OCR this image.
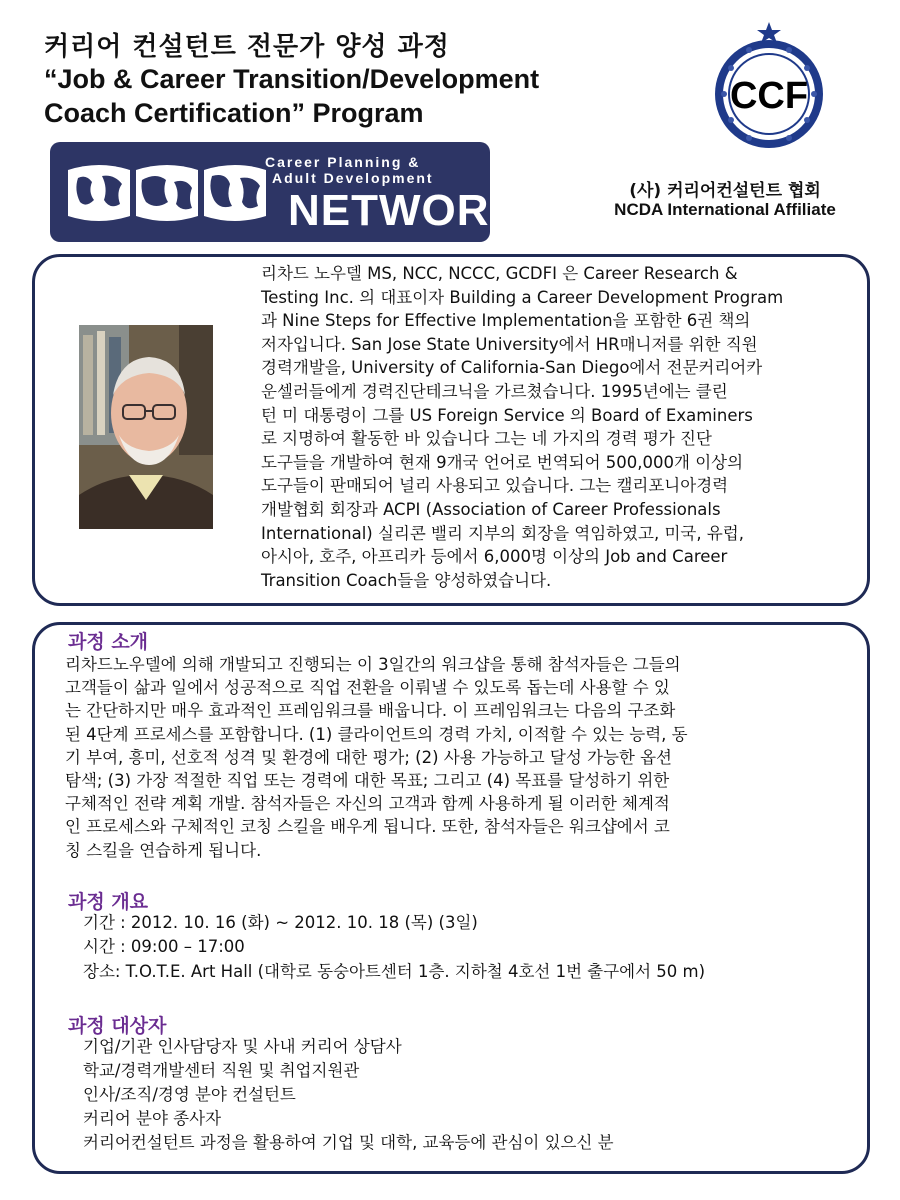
커리어 컨설턴트 전문가 양성 과정
“Job & Career Transition/Development
Coach Certification” Program	CCF
Career Planning &
Adult Development
NETWORK	(사) 커리어컨설턴트 협회
NCDA International Affiliate
리차드 노우델 MS, NCC, NCCC, GCDFI 은 Career Research &
Testing Inc. 의 대표이자 Building a Career Development Program
과 Nine Steps for Effective Implementation을 포함한 6권 책의
저자입니다. San Jose State University에서 HR매니저를 위한 직원
경력개발을, University of California-San Diego에서 전문커리어카
운셀러들에게 경력진단테크닉을 가르쳤습니다. 1995년에는 클린
턴 미 대통령이 그를 US Foreign Service 의 Board of Examiners
로 지명하여 활동한 바 있습니다 그는 네 가지의 경력 평가 진단
도구들을 개발하여 현재 9개국 언어로 번역되어 500,000개 이상의
도구들이 판매되어 널리 사용되고 있습니다. 그는 캘리포니아경력
개발협회 회장과 ACPI (Association of Career Professionals
International) 실리콘 밸리 지부의 회장을 역임하였고, 미국, 유럽,
아시아, 호주, 아프리카 등에서 6,000명 이상의 Job and Career
Transition Coach들을 양성하였습니다.
과정 소개
리차드노우델에 의해 개발되고 진행되는 이 3일간의 워크샵을 통해 참석자들은 그들의
고객들이 삶과 일에서 성공적으로 직업 전환을 이뤄낼 수 있도록 돕는데 사용할 수 있
는 간단하지만 매우 효과적인 프레임워크를 배웁니다. 이 프레임워크는 다음의 구조화
된 4단계 프로세스를 포함합니다. (1) 클라이언트의 경력 가치, 이적할 수 있는 능력, 동
기 부여, 흥미, 선호적 성격 및 환경에 대한 평가; (2) 사용 가능하고 달성 가능한 옵션
탐색; (3) 가장 적절한 직업 또는 경력에 대한 목표; 그리고 (4) 목표를 달성하기 위한
구체적인 전략 계획 개발. 참석자들은 자신의 고객과 함께 사용하게 될 이러한 체계적
인 프로세스와 구체적인 코칭 스킬을 배우게 됩니다. 또한, 참석자들은 워크샵에서 코
칭 스킬을 연습하게 됩니다.
과정 개요
기간 : 2012. 10. 16 (화) ~ 2012. 10. 18 (목) (3일)
시간 : 09:00 – 17:00
장소: T.O.T.E. Art Hall (대학로 동숭아트센터 1층. 지하철 4호선 1번 출구에서 50 m)
과정 대상자
기업/기관 인사담당자 및 사내 커리어 상담사
학교/경력개발센터 직원 및 취업지원관
인사/조직/경영 분야 컨설턴트
커리어 분야 종사자
커리어컨설턴트 과정을 활용하여 기업 및 대학, 교육등에 관심이 있으신 분
